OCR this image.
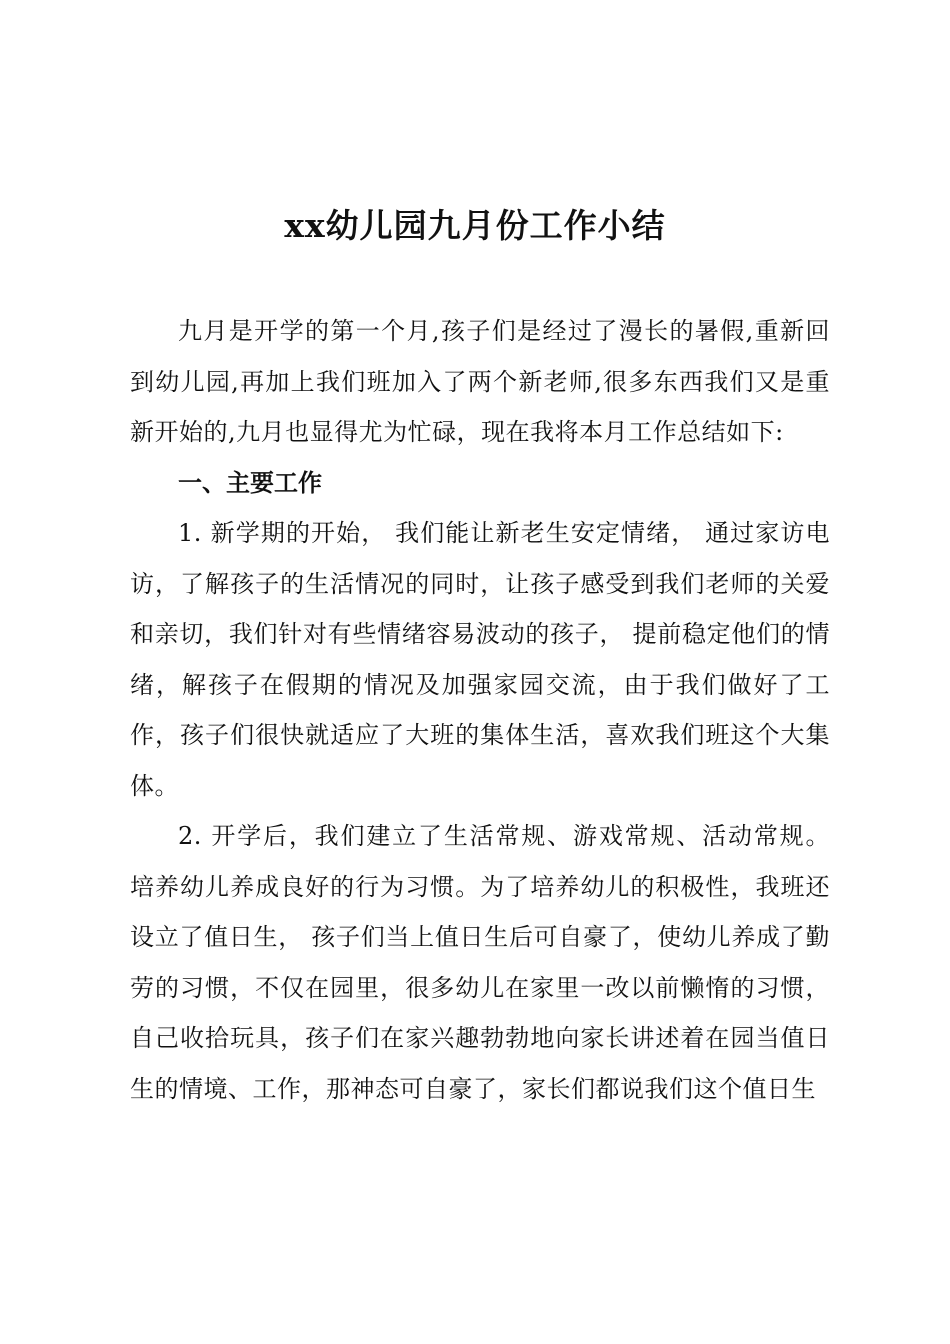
xx幼儿园九月份工作小结

九月是开学的第一个月,孩子们是经过了漫长的暑假,重新回到幼儿园,再加上我们班加入了两个新老师,很多东西我们又是重新开始的,九月也显得尤为忙碌，现在我将本月工作总结如下:

一、主要工作

1. 新学期的开始， 我们能让新老生安定情绪， 通过家访电访，了解孩子的生活情况的同时，让孩子感受到我们老师的关爱和亲切，我们针对有些情绪容易波动的孩子， 提前稳定他们的情绪，解孩子在假期的情况及加强家园交流，由于我们做好了工作，孩子们很快就适应了大班的集体生活，喜欢我们班这个大集体。

2. 开学后，我们建立了生活常规、游戏常规、活动常规。 培养幼儿养成良好的行为习惯。为了培养幼儿的积极性，我班还设立了值日生， 孩子们当上值日生后可自豪了，使幼儿养成了勤劳的习惯，不仅在园里，很多幼儿在家里一改以前懒惰的习惯，自己收拾玩具，孩子们在家兴趣勃勃地向家长讲述着在园当值日生的情境、工作，那神态可自豪了，家长们都说我们这个值日生
